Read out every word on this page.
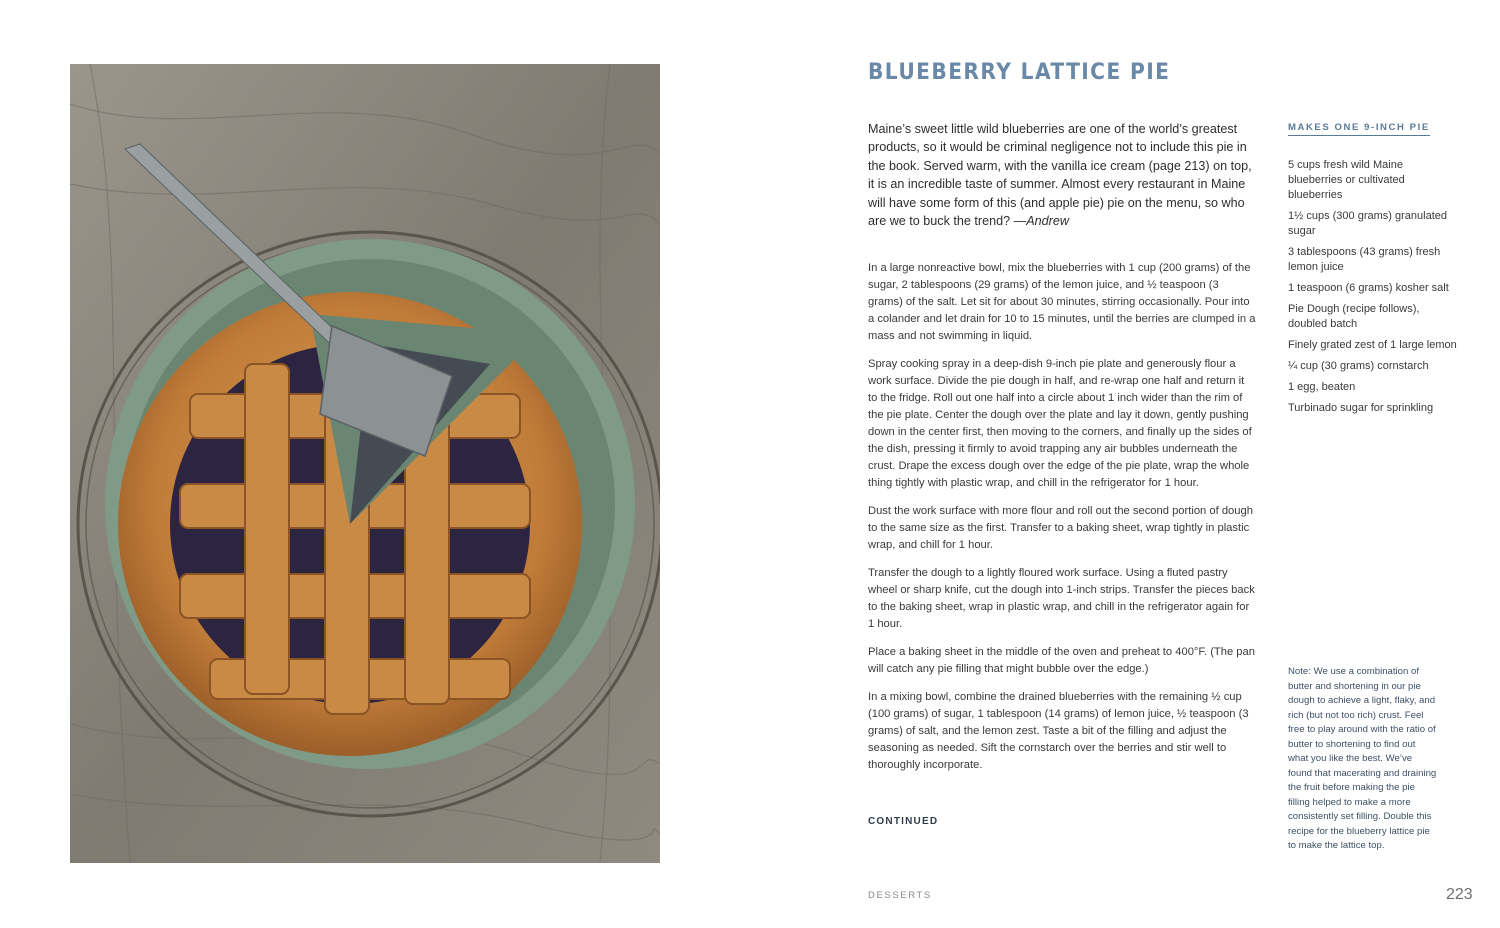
BLUEBERRY LATTICE PIE
Maine’s sweet little wild blueberries are one of the world’s greatest products, so it would be criminal negligence not to include this pie in the book. Served warm, with the vanilla ice cream (page 213) on top, it is an incredible taste of summer. Almost every restaurant in Maine will have some form of this (and apple pie) pie on the menu, so who are we to buck the trend? —Andrew

In a large nonreactive bowl, mix the blueberries with 1 cup (200 grams) of the sugar, 2 tablespoons (29 grams) of the lemon juice, and ½ teaspoon (3 grams) of the salt. Let sit for about 30 minutes, stirring occasionally. Pour into a colander and let drain for 10 to 15 minutes, until the berries are clumped in a mass and not swimming in liquid.

Spray cooking spray in a deep-dish 9-inch pie plate and generously flour a work surface. Divide the pie dough in half, and re-wrap one half and return it to the fridge. Roll out one half into a circle about 1 inch wider than the rim of the pie plate. Center the dough over the plate and lay it down, gently pushing down in the center first, then moving to the corners, and finally up the sides of the dish, pressing it firmly to avoid trapping any air bubbles underneath the crust. Drape the excess dough over the edge of the pie plate, wrap the whole thing tightly with plastic wrap, and chill in the refrigerator for 1 hour.

Dust the work surface with more flour and roll out the second portion of dough to the same size as the first. Transfer to a baking sheet, wrap tightly in plastic wrap, and chill for 1 hour.

Transfer the dough to a lightly floured work surface. Using a fluted pastry wheel or sharp knife, cut the dough into 1-inch strips. Transfer the pieces back to the baking sheet, wrap in plastic wrap, and chill in the refrigerator again for 1 hour.

Place a baking sheet in the middle of the oven and preheat to 400°F. (The pan will catch any pie filling that might bubble over the edge.)

In a mixing bowl, combine the drained blueberries with the remaining ½ cup (100 grams) of sugar, 1 tablespoon (14 grams) of lemon juice, ½ teaspoon (3 grams) of salt, and the lemon zest. Taste a bit of the filling and adjust the seasoning as needed. Sift the cornstarch over the berries and stir well to thoroughly incorporate.

CONTINUED
MAKES ONE 9-INCH PIE
5 cups fresh wild Maine blueberries or cultivated blueberries
1½ cups (300 grams) granulated sugar
3 tablespoons (43 grams) fresh lemon juice
1 teaspoon (6 grams) kosher salt
Pie Dough (recipe follows), doubled batch
Finely grated zest of 1 large lemon
¼ cup (30 grams) cornstarch
1 egg, beaten
Turbinado sugar for sprinkling
Note: We use a combination of butter and shortening in our pie dough to achieve a light, flaky, and rich (but not too rich) crust. Feel free to play around with the ratio of butter to shortening to find out what you like the best. We’ve found that macerating and draining the fruit before making the pie filling helped to make a more consistently set filling. Double this recipe for the blueberry lattice pie to make the lattice top.
DESSERTS	223
